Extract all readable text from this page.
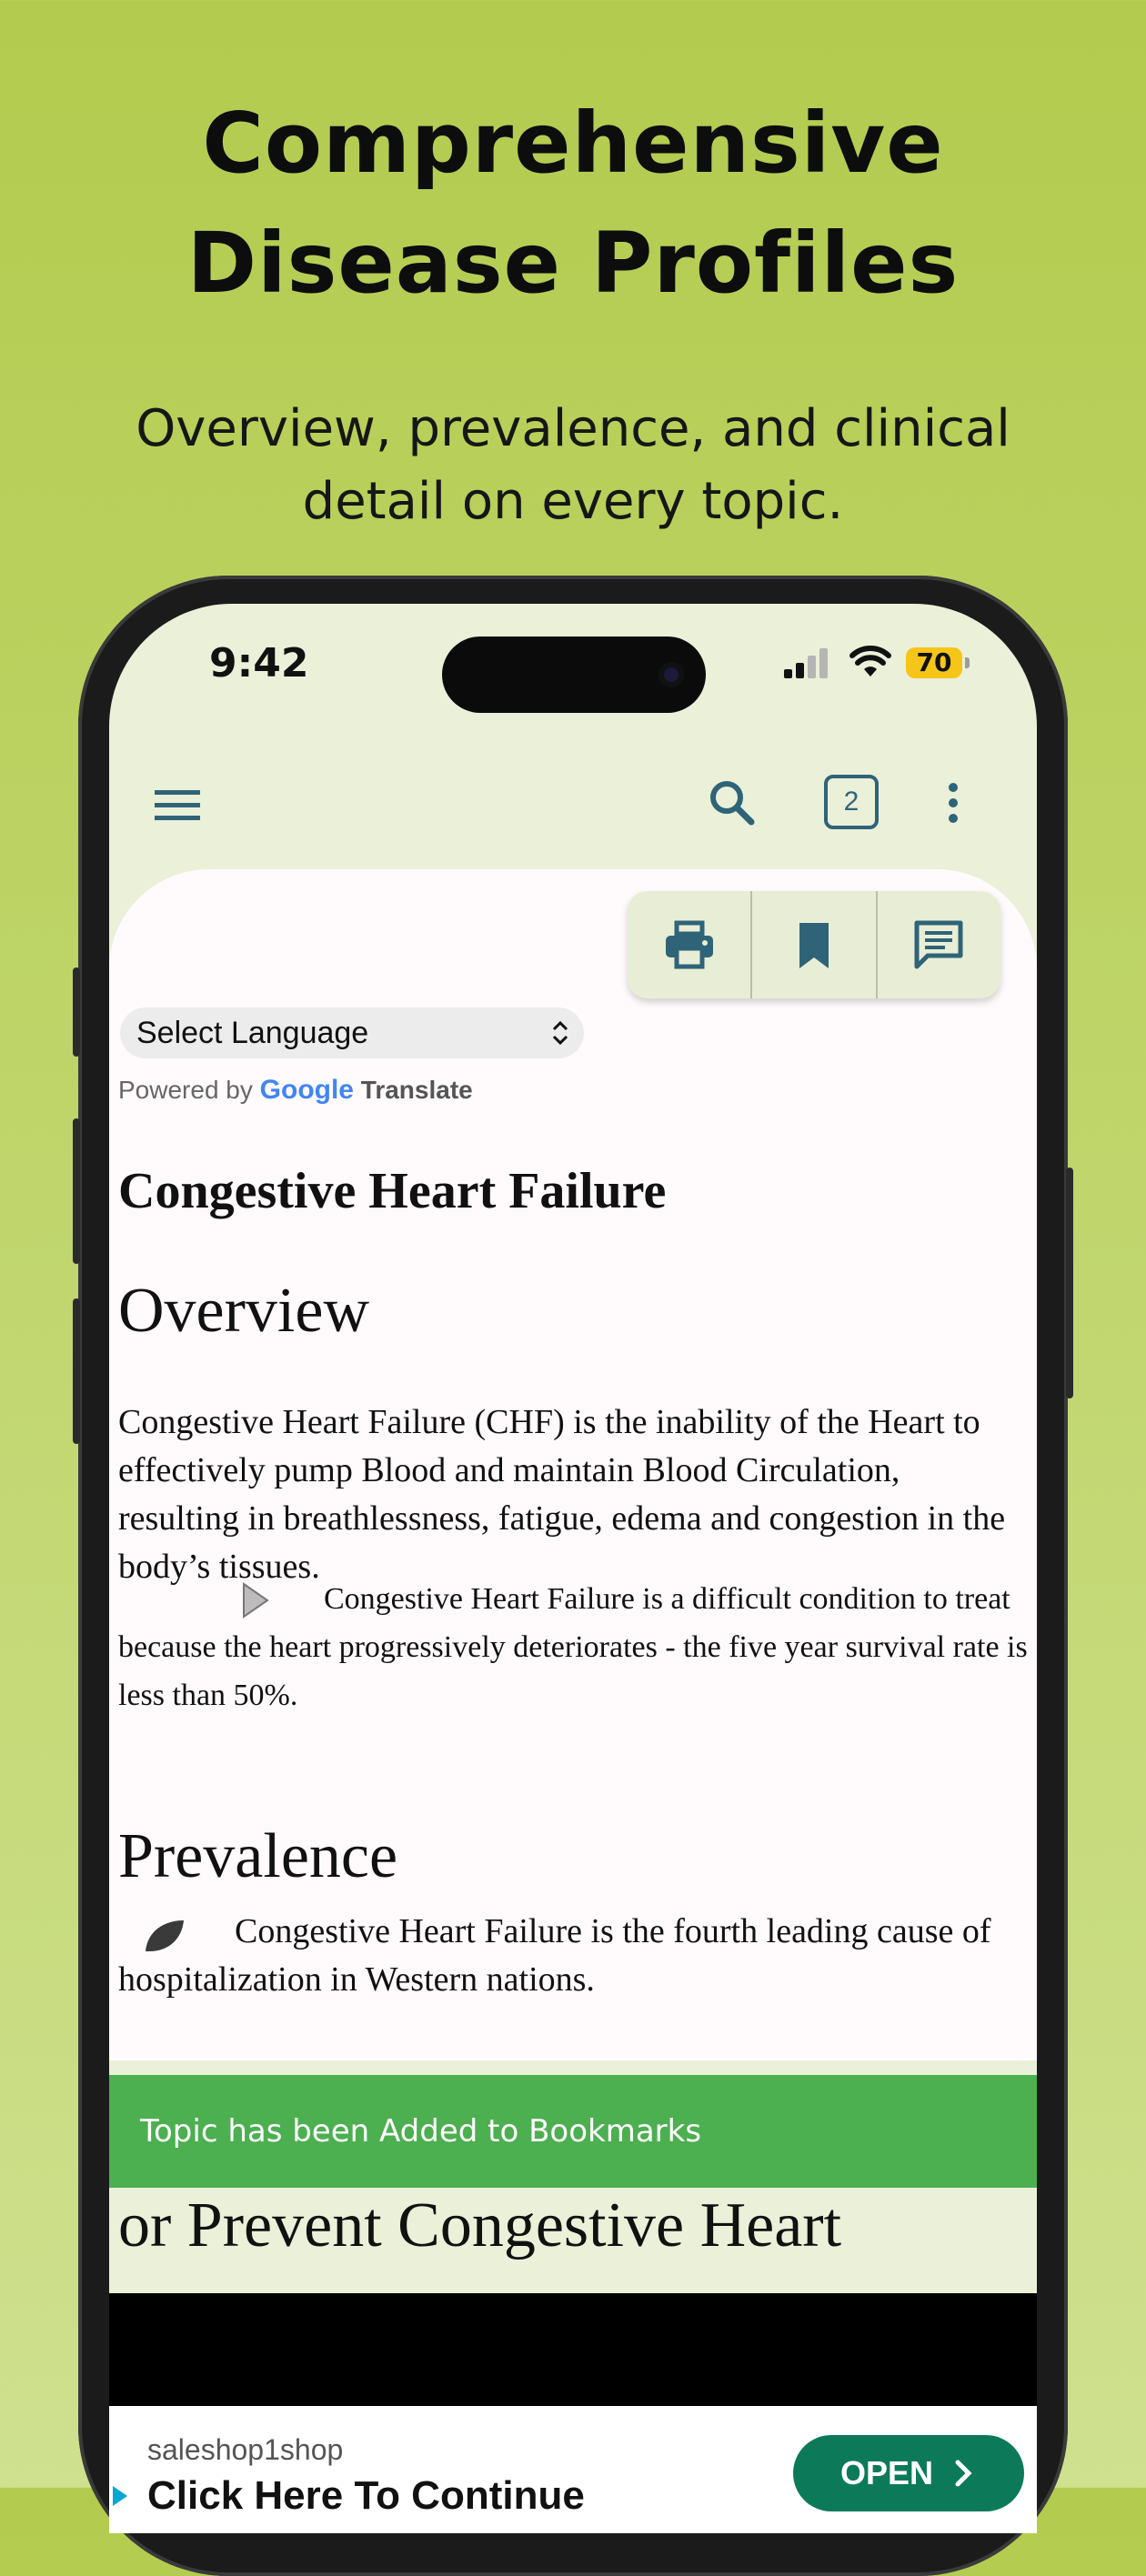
Comprehensive
Disease Profiles
Overview, prevalence, and clinical
detail on every topic.
9:42	70
2
Select Language
Powered by Google Translate
Congestive Heart Failure
Overview
Congestive Heart Failure (CHF) is the inability of the Heart to effectively pump Blood and maintain Blood Circulation, resulting in breathlessness, fatigue, edema and congestion in the body’s tissues.
Congestive Heart Failure is a difficult condition to treat because the heart progressively deteriorates - the five year survival rate is less than 50%.
Prevalence
Congestive Heart Failure is the fourth leading cause of hospitalization in Western nations.
or Prevent Congestive Heart
Topic has been Added to Bookmarks
saleshop1shop
Click Here To Continue
OPEN
